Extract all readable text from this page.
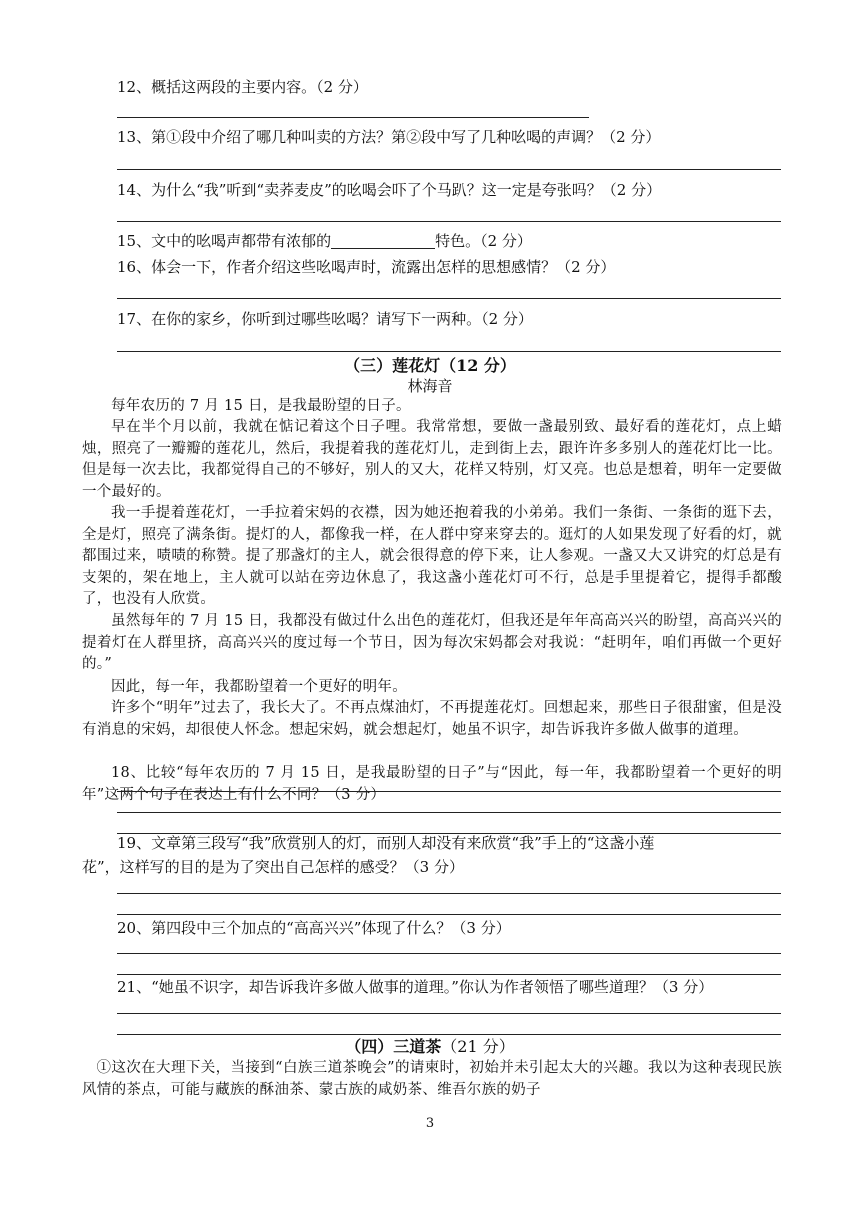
12、概括这两段的主要内容。（2 分）
13、第①段中介绍了哪几种叫卖的方法？第②段中写了几种吆喝的声调？（2 分）
14、为什么“我”听到“卖荞麦皮”的吆喝会吓了个马趴？这一定是夸张吗？（2 分）
15、文中的吆喝声都带有浓郁的	特色。（2 分）
16、体会一下，作者介绍这些吆喝声时，流露出怎样的思想感情？（2 分）
17、在你的家乡，你听到过哪些吆喝？请写下一两种。（2 分）
（三）莲花灯（12 分）
林海音
每年农历的 7 月 15 日，是我最盼望的日子。
早在半个月以前，我就在惦记着这个日子哩。我常常想，要做一盏最别致、最好看的莲花灯，点上蜡烛，照亮了一瓣瓣的莲花儿，然后，我提着我的莲花灯儿，走到街上去，跟许许多多别人的莲花灯比一比。但是每一次去比，我都觉得自己的不够好，别人的又大，花样又特别，灯又亮。也总是想着，明年一定要做一个最好的。
我一手提着莲花灯，一手拉着宋妈的衣襟，因为她还抱着我的小弟弟。我们一条街、一条街的逛下去，全是灯，照亮了满条街。提灯的人，都像我一样，在人群中穿来穿去的。逛灯的人如果发现了好看的灯，就都围过来，啧啧的称赞。提了那盏灯的主人，就会很得意的停下来，让人参观。一盏又大又讲究的灯总是有支架的，架在地上，主人就可以站在旁边休息了，我这盏小莲花灯可不行，总是手里提着它，提得手都酸了，也没有人欣赏。
虽然每年的 7 月 15 日，我都没有做过什么出色的莲花灯，但我还是年年高高兴兴的盼望，高高兴兴的提着灯在人群里挤，高高兴兴的度过每一个节日，因为每次宋妈都会对我说：“赶明年，咱们再做一个更好的。”
因此，每一年，我都盼望着一个更好的明年。
许多个“明年”过去了，我长大了。不再点煤油灯，不再提莲花灯。回想起来，那些日子很甜蜜，但是没有消息的宋妈，却很使人怀念。想起宋妈，就会想起灯，她虽不识字，却告诉我许多做人做事的道理。
18、比较“每年农历的 7 月 15 日，是我最盼望的日子”与“因此，每一年，我都盼望着一个更好的明年”这两个句子在表达上有什么不同？（3 分）
19、文章第三段写“我”欣赏别人的灯，而别人却没有来欣赏“我”手上的“这盏小莲
花”，这样写的目的是为了突出自己怎样的感受？（3 分）
20、第四段中三个加点的“高高兴兴”体现了什么？（3 分）
21、“她虽不识字，却告诉我许多做人做事的道理。”你认为作者领悟了哪些道理？（3 分）
（四）三道茶（21 分）
①这次在大理下关，当接到“白族三道茶晚会”的请柬时，初始并未引起太大的兴趣。我以为这种表现民族风情的茶点，可能与藏族的酥油茶、蒙古族的咸奶茶、维吾尔族的奶子
3
